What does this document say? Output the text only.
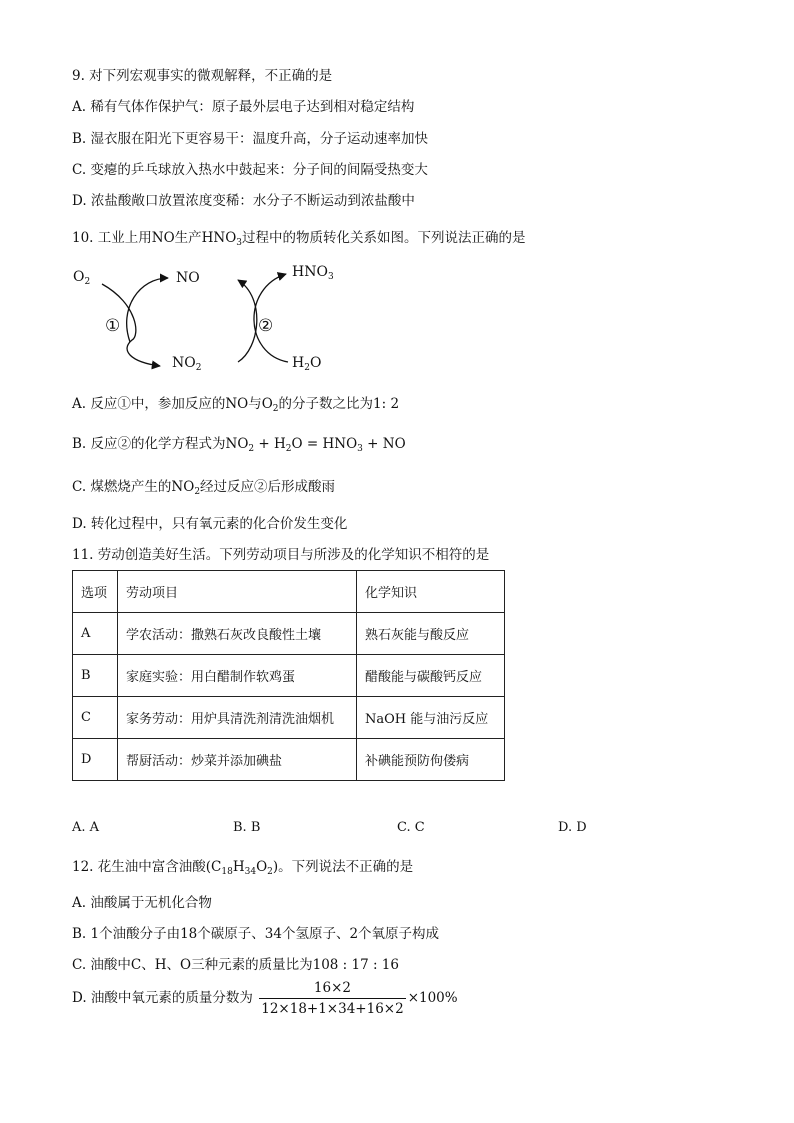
9. 对下列宏观事实的微观解释，不正确的是
A. 稀有气体作保护气：原子最外层电子达到相对稳定结构
B. 湿衣服在阳光下更容易干：温度升高，分子运动速率加快
C. 变瘪的乒乓球放入热水中鼓起来：分子间的间隔受热变大
D. 浓盐酸敞口放置浓度变稀：水分子不断运动到浓盐酸中
10. 工业上用NO生产$HNO_3$过程中的物质转化关系如图。下列说法正确的是
$O_2$	NO	$HNO_3$
①	②
$NO_2$	$H_2O$
A. 反应①中，参加反应的NO与$O_2$的分子数之比为1: 2
B. 反应②的化学方程式为$NO_2 + H_2O = HNO_3$ + NO
C. 煤燃烧产生的$NO_2$经过反应②后形成酸雨
D. 转化过程中，只有氧元素的化合价发生变化
11. 劳动创造美好生活。下列劳动项目与所涉及的化学知识不相符的是
选项	劳动项目	化学知识
A	学农活动：撒熟石灰改良酸性土壤	熟石灰能与酸反应
B	家庭实验：用白醋制作软鸡蛋	醋酸能与碳酸钙反应
C	家务劳动：用炉具清洗剂清洗油烟机	NaOH 能与油污反应
D	帮厨活动：炒菜并添加碘盐	补碘能预防佝偻病
A. A	B. B	C. C	D. D
12. 花生油中富含油酸$(C_{18}H_{34}O_2)$。下列说法不正确的是
A. 油酸属于无机化合物
B. 1个油酸分子由18个碳原子、34个氢原子、2个氧原子构成
C. 油酸中C、H、O三种元素的质量比为108 : 17 : 16
D. 油酸中氧元素的质量分数为 $\frac{16\times 2}{12\times 18+1\times 34+16\times 2} \times 100\%$
